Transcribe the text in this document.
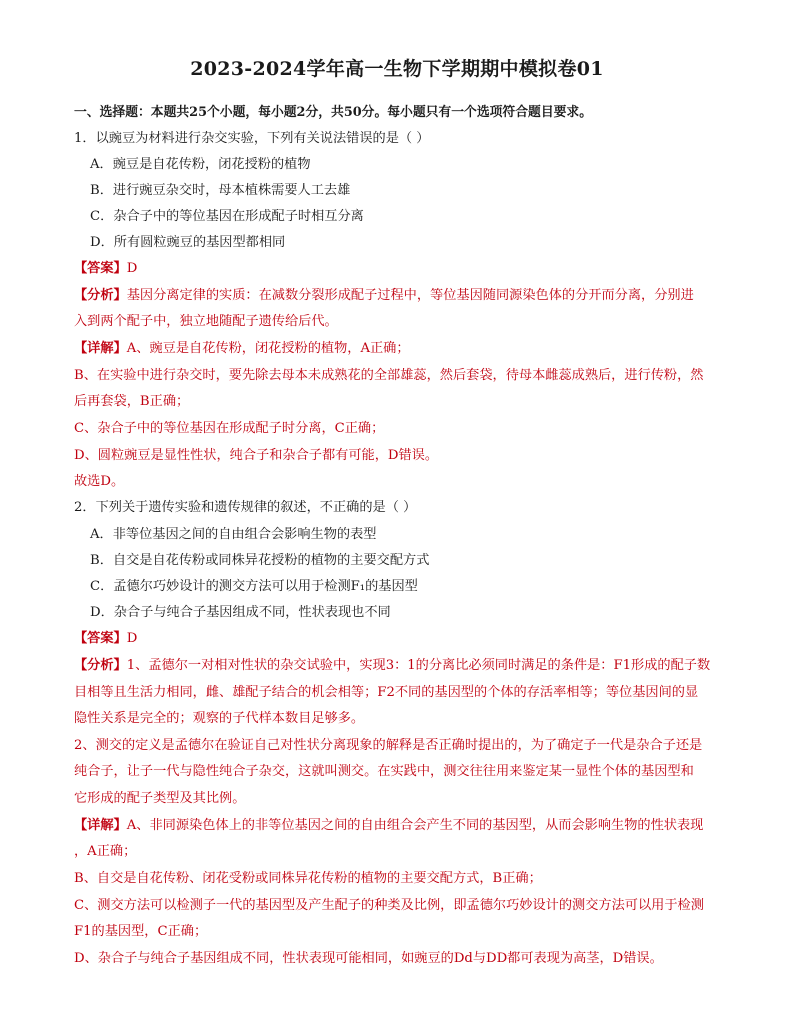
2023-2024学年高一生物下学期期中模拟卷01
一、选择题：本题共25个小题，每小题2分，共50分。每小题只有一个选项符合题目要求。
1．以豌豆为材料进行杂交实验，下列有关说法错误的是（ ）
A．豌豆是自花传粉，闭花授粉的植物
B．进行豌豆杂交时，母本植株需要人工去雄
C．杂合子中的等位基因在形成配子时相互分离
D．所有圆粒豌豆的基因型都相同
【答案】D
【分析】基因分离定律的实质：在减数分裂形成配子过程中，等位基因随同源染色体的分开而分离，分别进
入到两个配子中，独立地随配子遗传给后代。
【详解】A、豌豆是自花传粉，闭花授粉的植物，A正确；
B、在实验中进行杂交时，要先除去母本未成熟花的全部雄蕊，然后套袋，待母本雌蕊成熟后，进行传粉，然
后再套袋，B正确；
C、杂合子中的等位基因在形成配子时分离，C正确；
D、圆粒豌豆是显性性状，纯合子和杂合子都有可能，D错误。
故选D。
2．下列关于遗传实验和遗传规律的叙述，不正确的是（ ）
A．非等位基因之间的自由组合会影响生物的表型
B．自交是自花传粉或同株异花授粉的植物的主要交配方式
C．孟德尔巧妙设计的测交方法可以用于检测F₁的基因型
D．杂合子与纯合子基因组成不同，性状表现也不同
【答案】D
【分析】1、孟德尔一对相对性状的杂交试验中，实现3：1的分离比必须同时满足的条件是：F1形成的配子数
目相等且生活力相同，雌、雄配子结合的机会相等；F2不同的基因型的个体的存活率相等；等位基因间的显
隐性关系是完全的；观察的子代样本数目足够多。
2、测交的定义是孟德尔在验证自己对性状分离现象的解释是否正确时提出的，为了确定子一代是杂合子还是
纯合子，让子一代与隐性纯合子杂交，这就叫测交。在实践中，测交往往用来鉴定某一显性个体的基因型和
它形成的配子类型及其比例。
【详解】A、非同源染色体上的非等位基因之间的自由组合会产生不同的基因型，从而会影响生物的性状表现
，A正确；
B、自交是自花传粉、闭花受粉或同株异花传粉的植物的主要交配方式，B正确；
C、测交方法可以检测子一代的基因型及产生配子的种类及比例，即孟德尔巧妙设计的测交方法可以用于检测
F1的基因型，C正确；
D、杂合子与纯合子基因组成不同，性状表现可能相同，如豌豆的Dd与DD都可表现为高茎，D错误。
